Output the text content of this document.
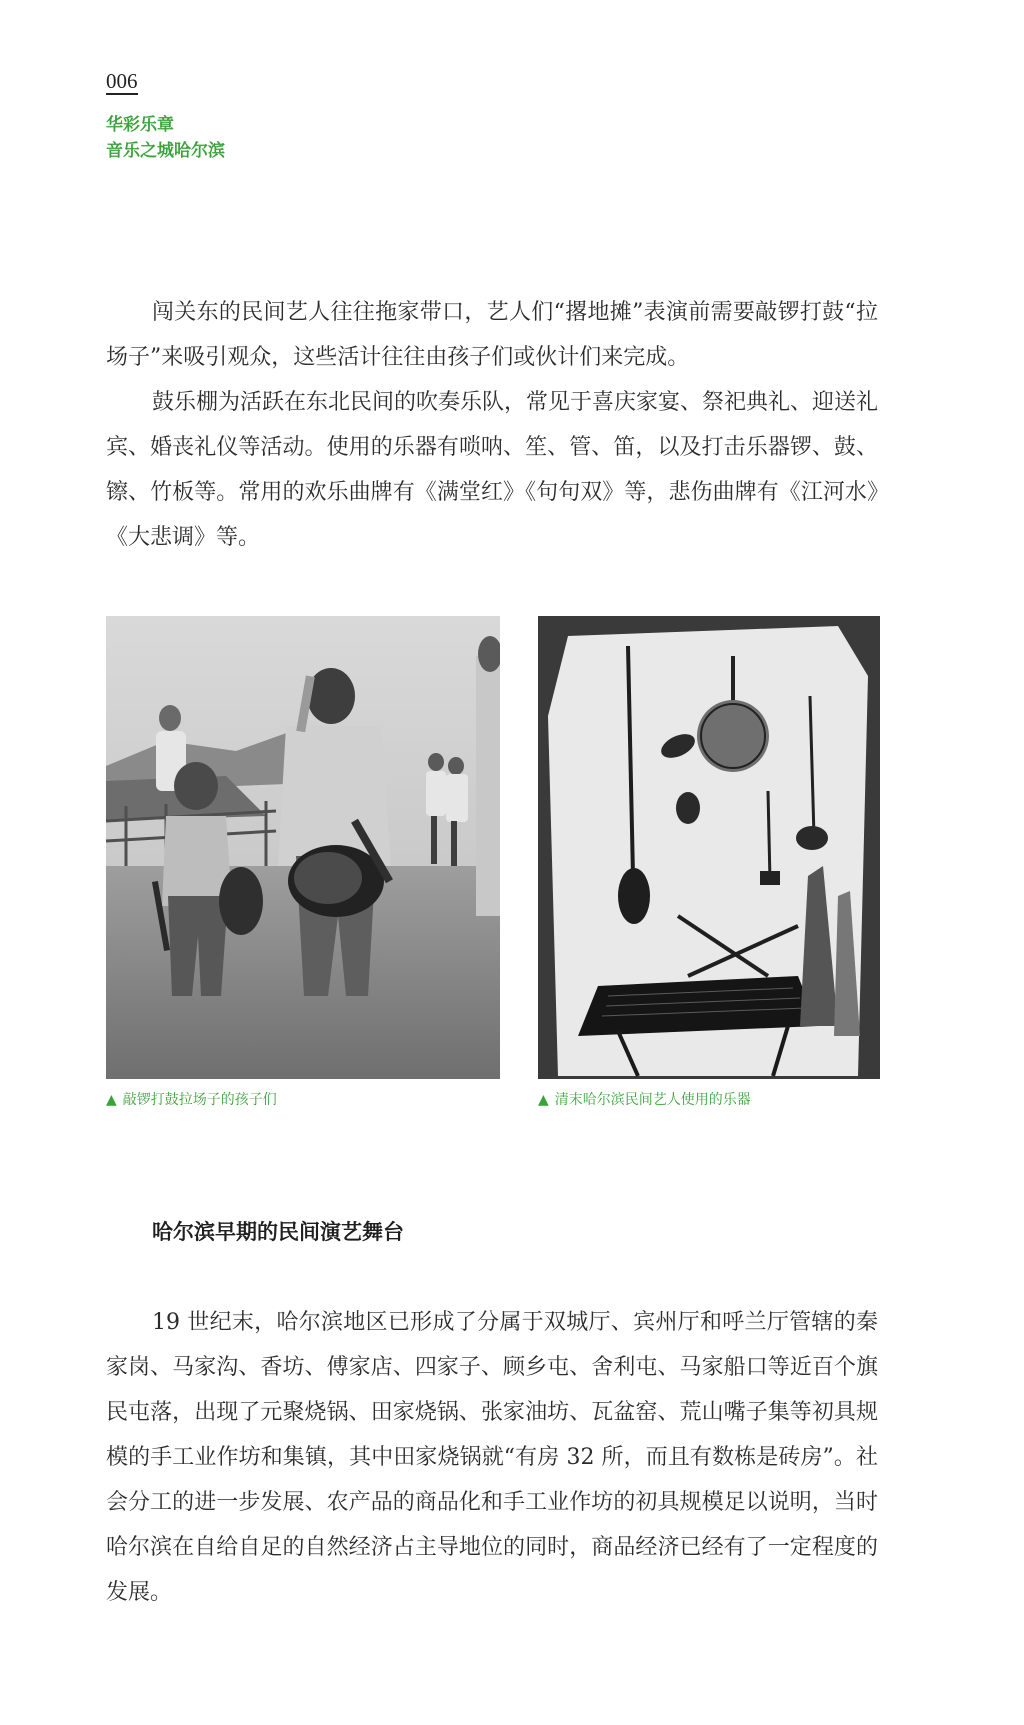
006
华彩乐章
音乐之城哈尔滨

闯关东的民间艺人往往拖家带口，艺人们“撂地摊”表演前需要敲锣打鼓“拉场子”来吸引观众，这些活计往往由孩子们或伙计们来完成。

鼓乐棚为活跃在东北民间的吹奏乐队，常见于喜庆家宴、祭祀典礼、迎送礼宾、婚丧礼仪等活动。使用的乐器有唢呐、笙、管、笛，以及打击乐器锣、鼓、镲、竹板等。常用的欢乐曲牌有《满堂红》《句句双》等，悲伤曲牌有《江河水》《大悲调》等。

▲ 敲锣打鼓拉场子的孩子们	▲ 清末哈尔滨民间艺人使用的乐器
哈尔滨早期的民间演艺舞台

19 世纪末，哈尔滨地区已形成了分属于双城厅、宾州厅和呼兰厅管辖的秦家岗、马家沟、香坊、傅家店、四家子、顾乡屯、舍利屯、马家船口等近百个旗民屯落，出现了元聚烧锅、田家烧锅、张家油坊、瓦盆窑、荒山嘴子集等初具规模的手工业作坊和集镇，其中田家烧锅就“有房 32 所，而且有数栋是砖房”。社会分工的进一步发展、农产品的商品化和手工业作坊的初具规模足以说明，当时哈尔滨在自给自足的自然经济占主导地位的同时，商品经济已经有了一定程度的发展。
